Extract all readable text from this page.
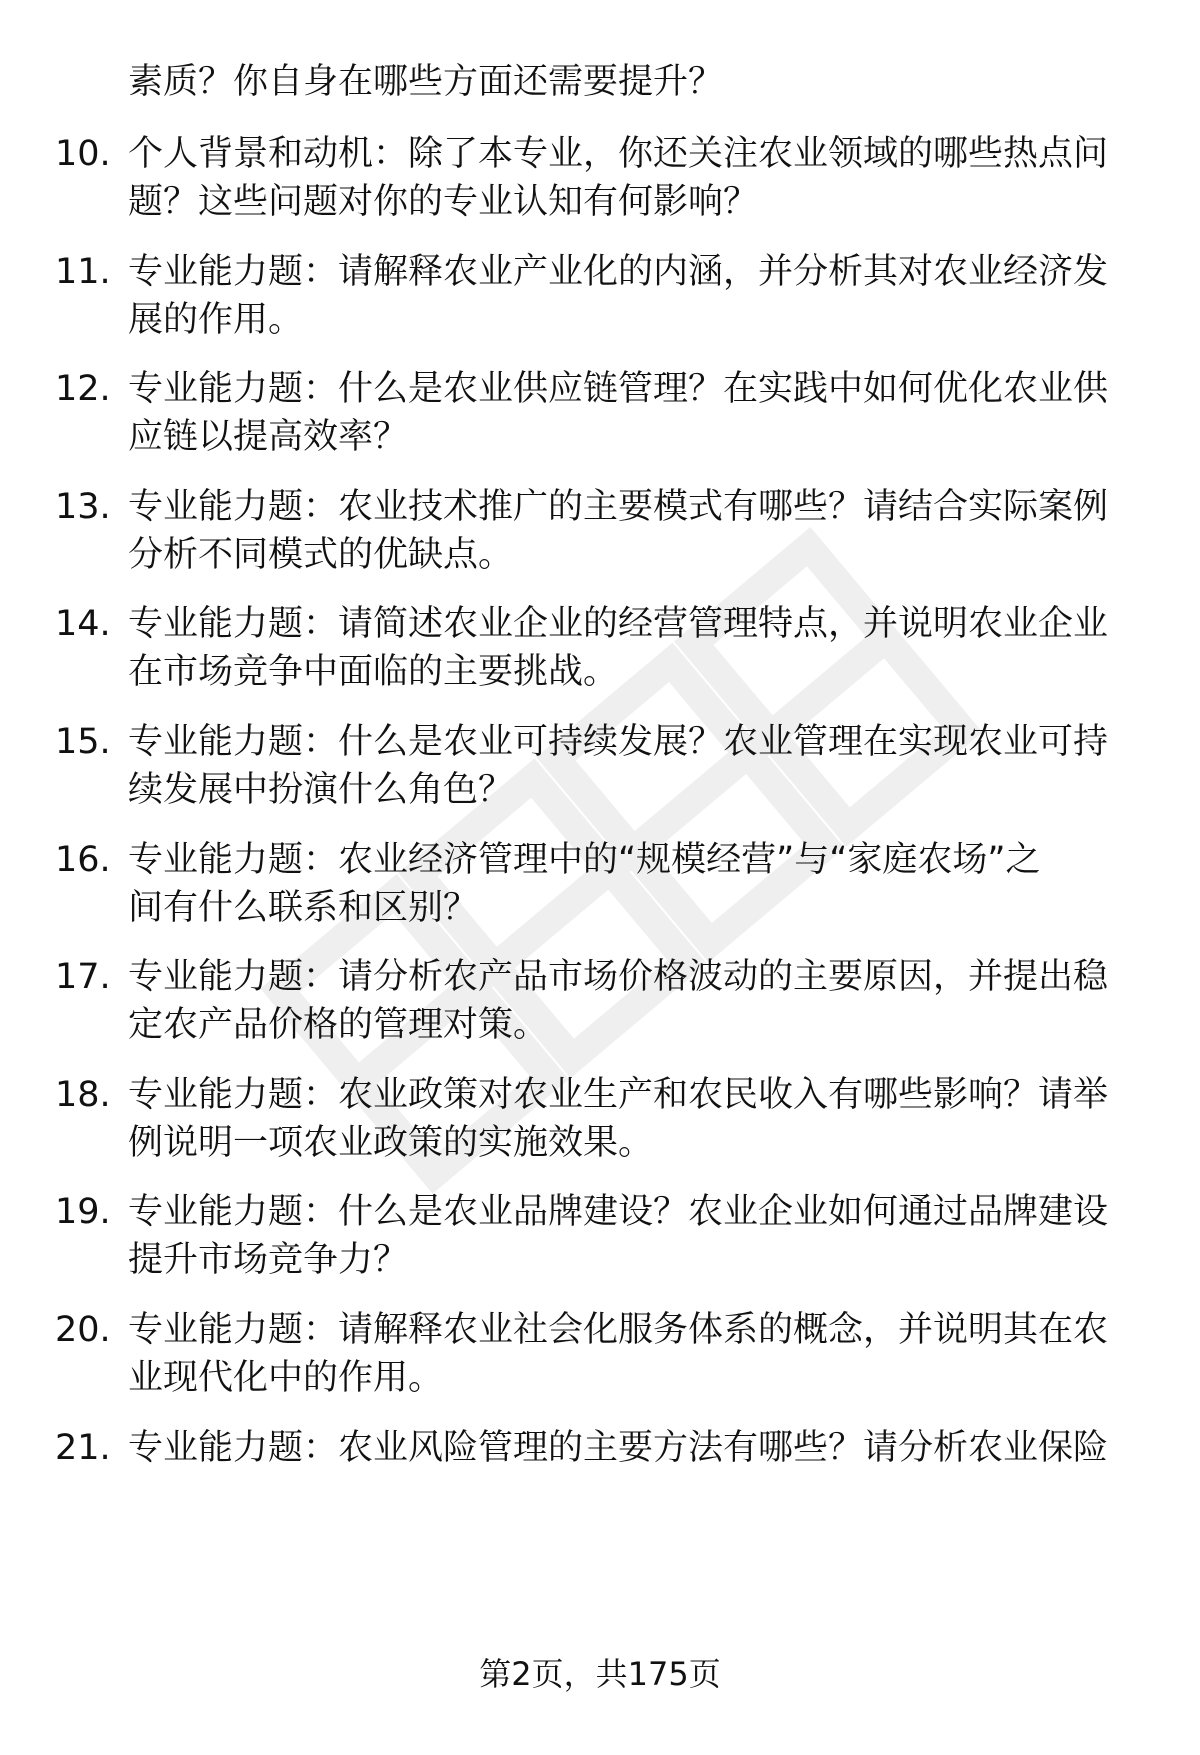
素质？你自身在哪些方面还需要提升？
10. 个人背景和动机：除了本专业，你还关注农业领域的哪些热点问
题？这些问题对你的专业认知有何影响？
11. 专业能力题：请解释农业产业化的内涵，并分析其对农业经济发
展的作用。
12. 专业能力题：什么是农业供应链管理？在实践中如何优化农业供
应链以提高效率？
13. 专业能力题：农业技术推广的主要模式有哪些？请结合实际案例
分析不同模式的优缺点。
14. 专业能力题：请简述农业企业的经营管理特点，并说明农业企业
在市场竞争中面临的主要挑战。
15. 专业能力题：什么是农业可持续发展？农业管理在实现农业可持
续发展中扮演什么角色？
16. 专业能力题：农业经济管理中的“规模经营”与“家庭农场”之
间有什么联系和区别？
17. 专业能力题：请分析农产品市场价格波动的主要原因，并提出稳
定农产品价格的管理对策。
18. 专业能力题：农业政策对农业生产和农民收入有哪些影响？请举
例说明一项农业政策的实施效果。
19. 专业能力题：什么是农业品牌建设？农业企业如何通过品牌建设
提升市场竞争力？
20. 专业能力题：请解释农业社会化服务体系的概念，并说明其在农
业现代化中的作用。
21. 专业能力题：农业风险管理的主要方法有哪些？请分析农业保险
第2页，共175页
